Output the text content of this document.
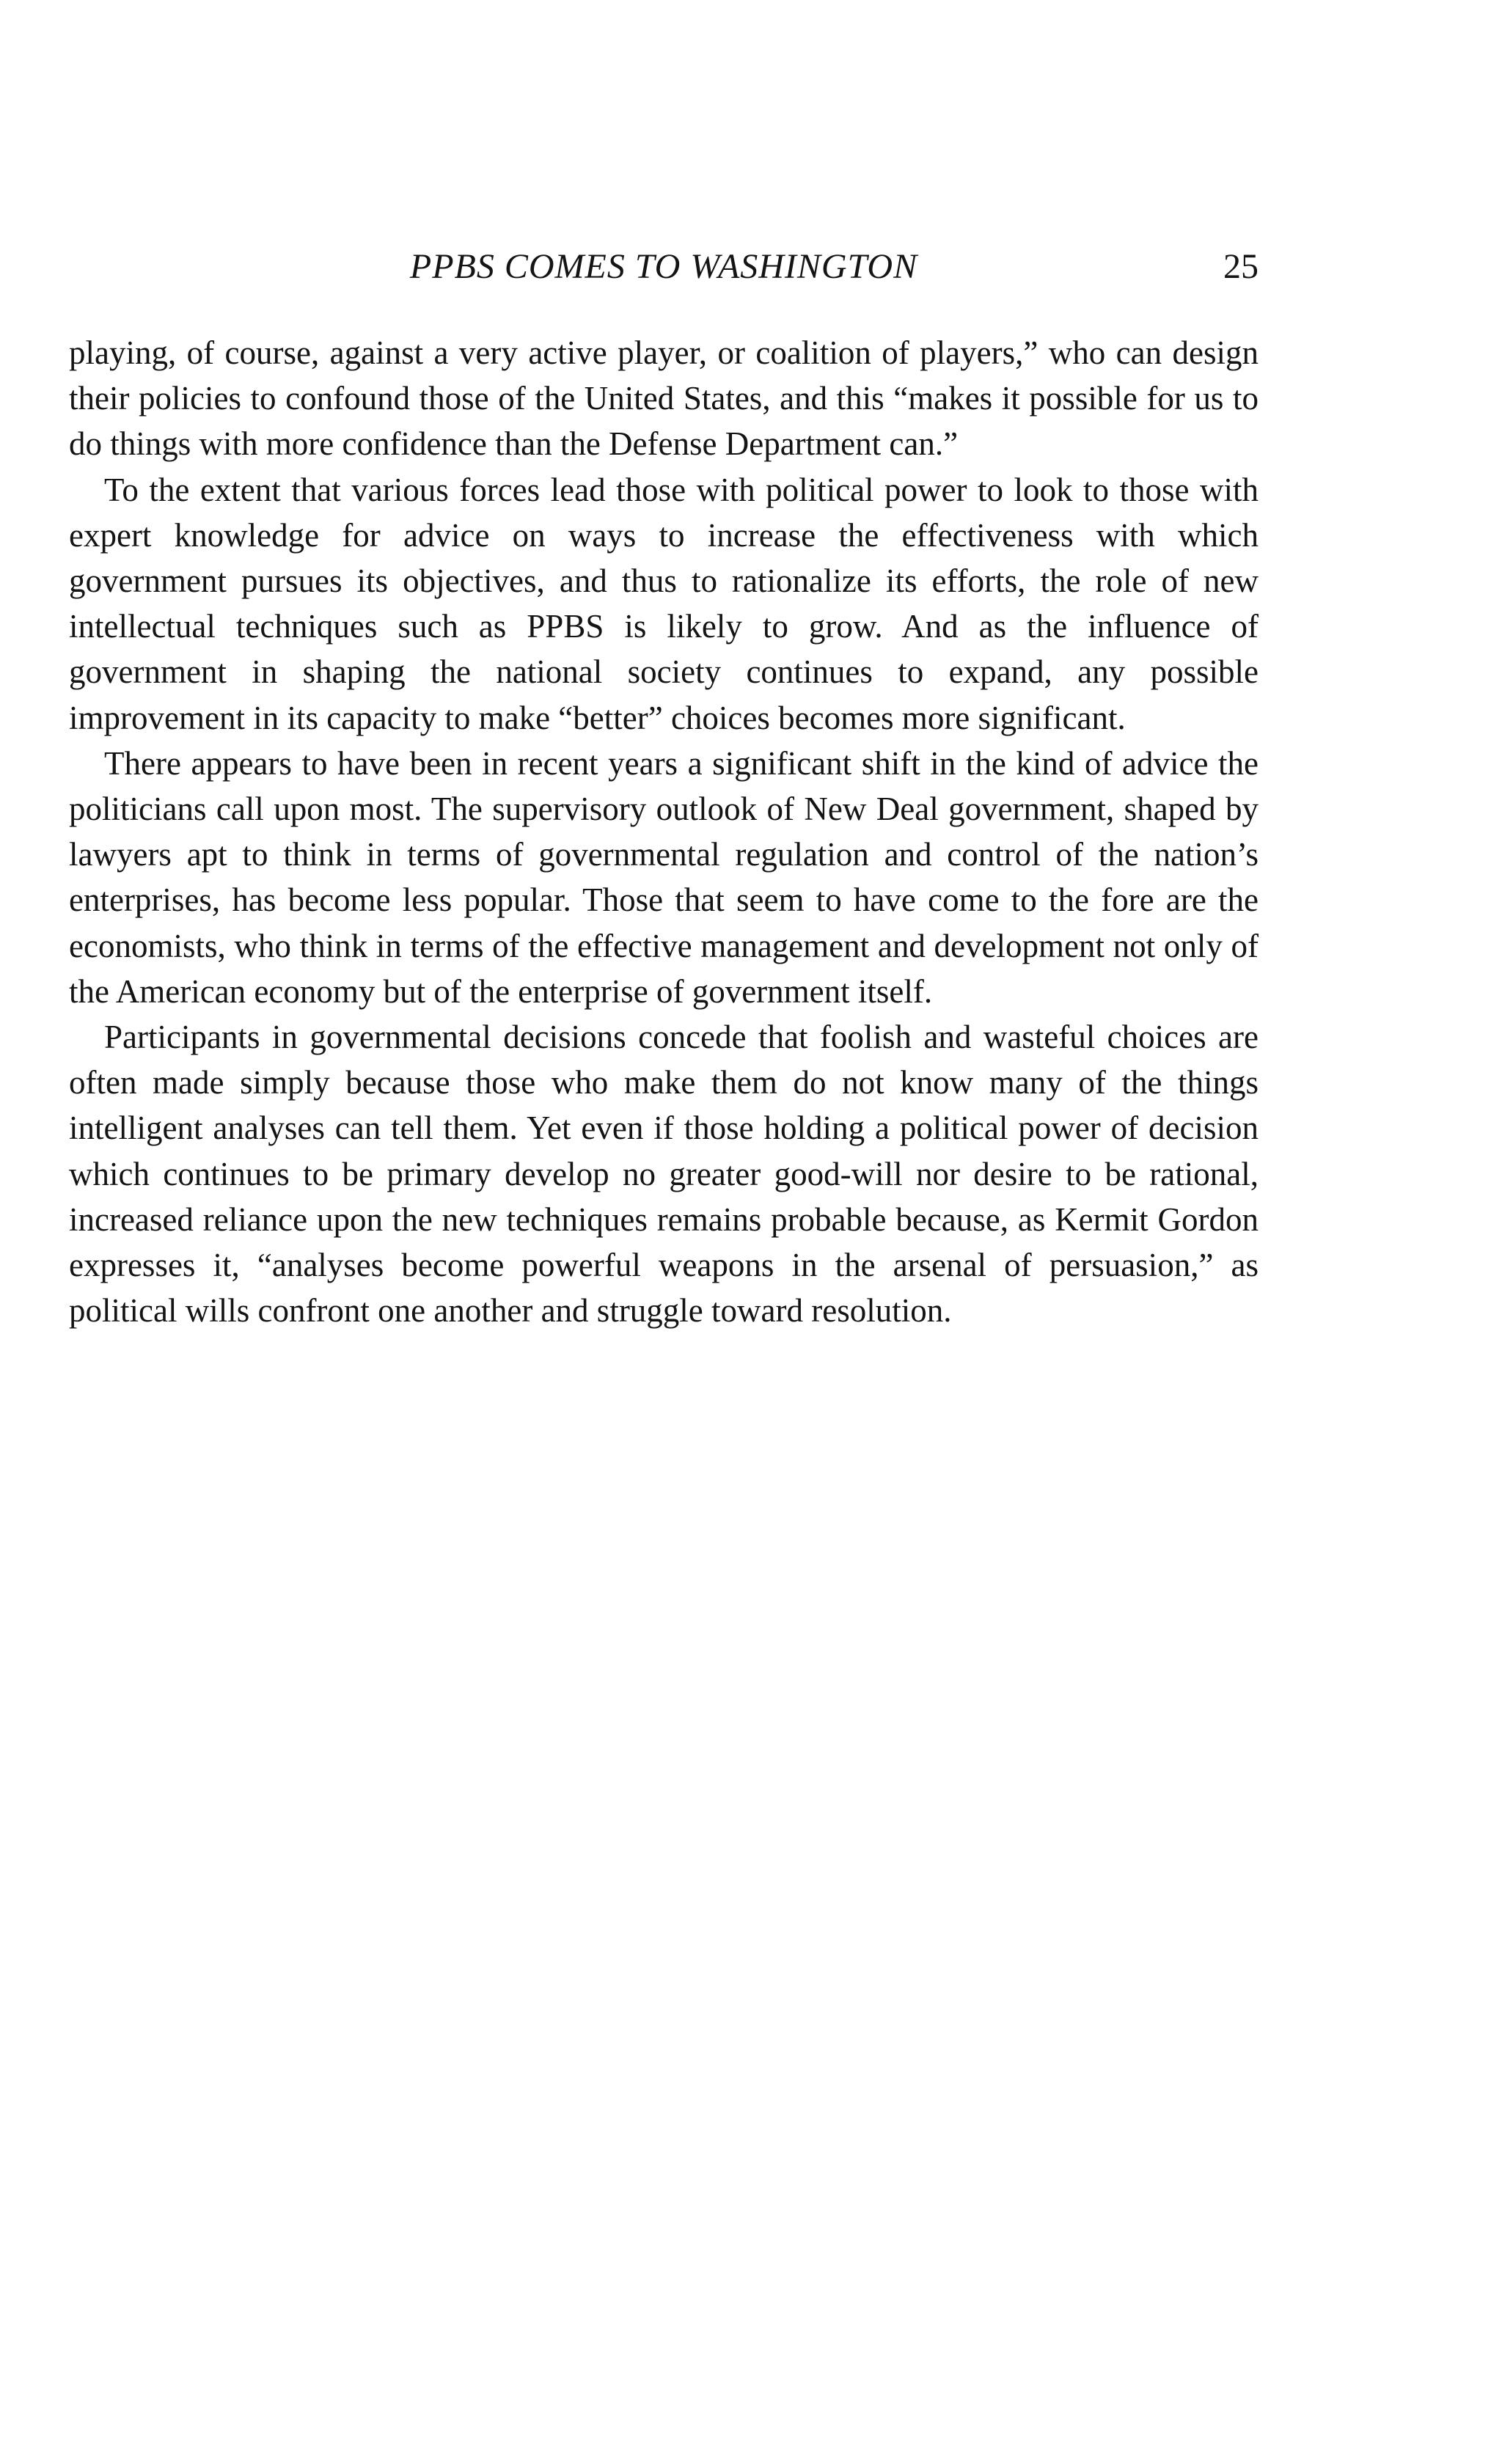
PPBS COMES TO WASHINGTON	25

playing, of course, against a very active player, or coalition of players,” who can design their policies to confound those of the United States, and this “makes it possible for us to do things with more confidence than the Defense Department can.”

To the extent that various forces lead those with political power to look to those with expert knowledge for advice on ways to increase the effectiveness with which government pursues its objectives, and thus to rationalize its efforts, the role of new intellectual techniques such as PPBS is likely to grow. And as the influence of government in shaping the national society continues to expand, any possible improvement in its capacity to make “better” choices becomes more significant.

There appears to have been in recent years a significant shift in the kind of advice the politicians call upon most. The supervisory outlook of New Deal government, shaped by lawyers apt to think in terms of governmental regulation and control of the nation’s enterprises, has become less popular. Those that seem to have come to the fore are the economists, who think in terms of the effective management and development not only of the American economy but of the enterprise of government itself.

Participants in governmental decisions concede that foolish and wasteful choices are often made simply because those who make them do not know many of the things intelligent analyses can tell them. Yet even if those holding a political power of decision which continues to be primary develop no greater good-will nor desire to be rational, increased reliance upon the new techniques remains probable because, as Kermit Gordon expresses it, “analyses become powerful weapons in the arsenal of persuasion,” as political wills confront one another and struggle toward resolution.
